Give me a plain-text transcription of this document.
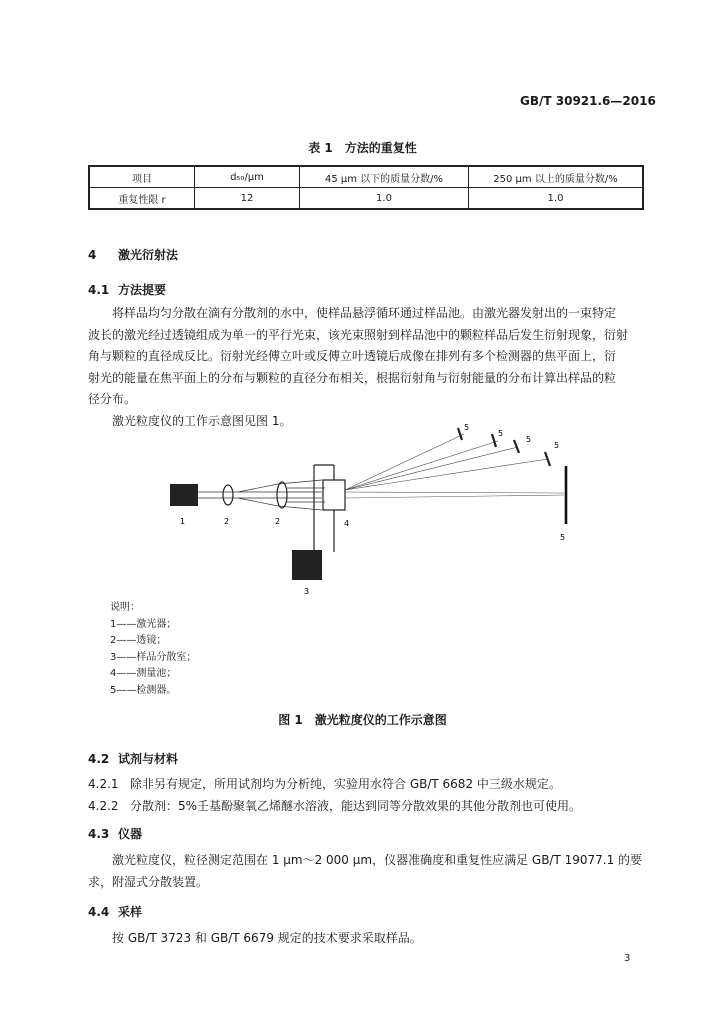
GB/T 30921.6—2016
表 1　方法的重复性
项目	d₅₀/μm	45 μm 以下的质量分数/%	250 μm 以上的质量分数/%
重复性限 r	12	1.0	1.0
4 激光衍射法
4.1 方法提要
将样品均匀分散在滴有分散剂的水中，使样品悬浮循环通过样品池。由激光器发射出的一束特定
波长的激光经过透镜组成为单一的平行光束，该光束照射到样品池中的颗粒样品后发生衍射现象，衍射
角与颗粒的直径成反比。衍射光经傅立叶或反傅立叶透镜后成像在排列有多个检测器的焦平面上，衍
射光的能量在焦平面上的分布与颗粒的直径分布相关，根据衍射角与衍射能量的分布计算出样品的粒
径分布。
激光粒度仪的工作示意图见图 1。
1	2	2	4
3
5
5
5
5
5
说明：
1——激光器；
2——透镜；
3——样品分散室；
4——测量池；
5——检测器。
图 1　激光粒度仪的工作示意图
4.2 试剂与材料
4.2.1 除非另有规定，所用试剂均为分析纯，实验用水符合 GB/T 6682 中三级水规定。
4.2.2 分散剂：5%壬基酚聚氧乙烯醚水溶液，能达到同等分散效果的其他分散剂也可使用。
4.3 仪器
激光粒度仪，粒径测定范围在 1 μm～2 000 μm，仪器准确度和重复性应满足 GB/T 19077.1 的要
求，附湿式分散装置。
4.4 采样
按 GB/T 3723 和 GB/T 6679 规定的技术要求采取样品。
3
